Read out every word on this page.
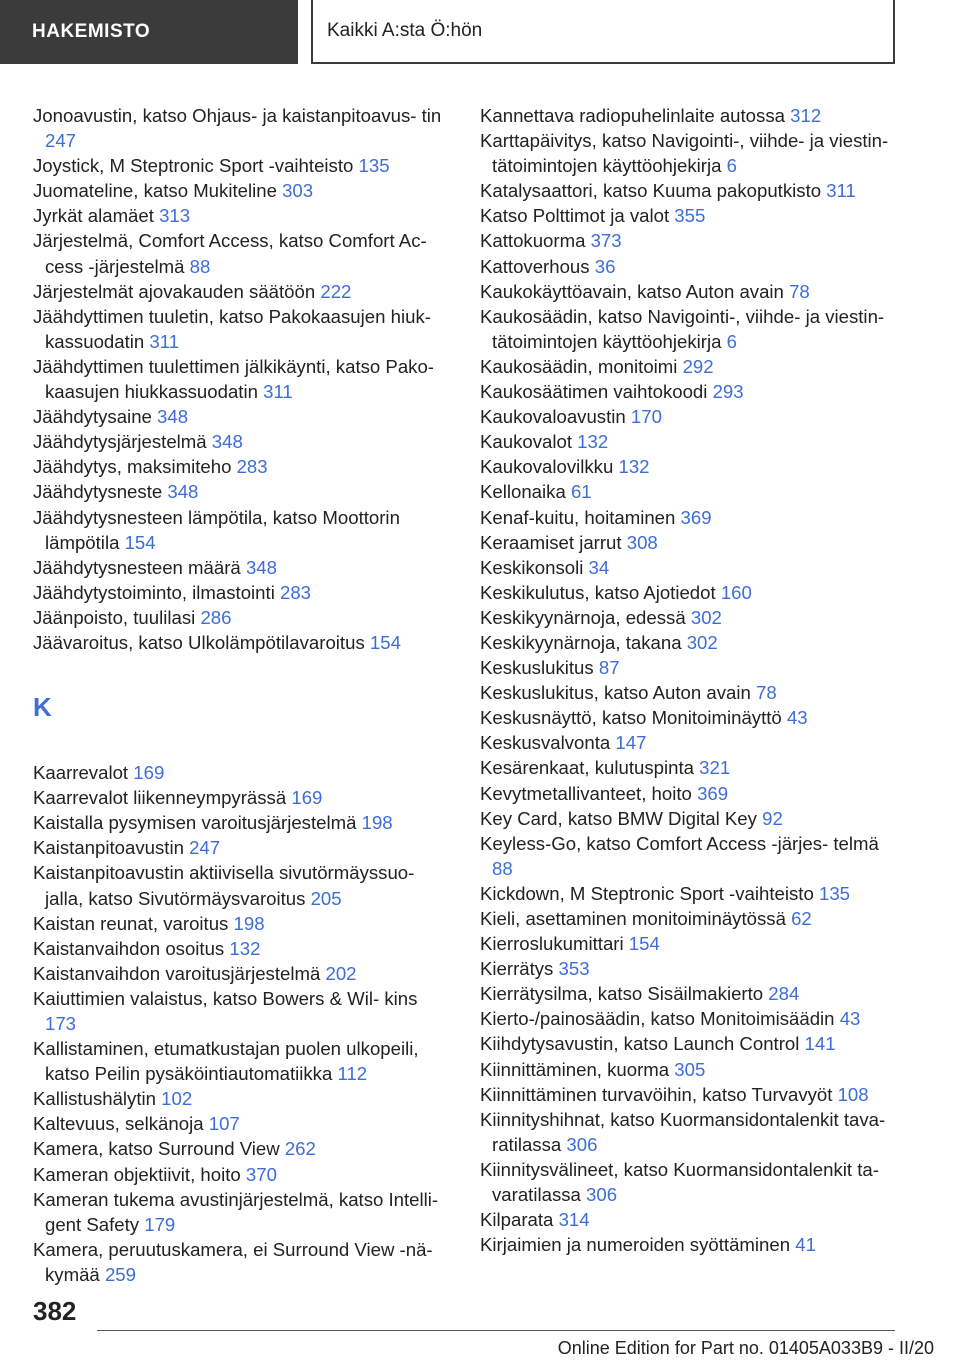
HAKEMISTO	Kaikki A:sta Ö:hön
Jonoavustin, katso Ohjaus- ja kaistanpitoavus‐ tin 247
Joystick, M Steptronic Sport -vaihteisto 135
Juomateline, katso Mukiteline 303
Jyrkät alamäet 313
Järjestelmä, Comfort Access, katso Comfort Ac‐ cess -järjestelmä 88
Järjestelmät ajovakauden säätöön 222
Jäähdyttimen tuuletin, katso Pakokaasujen hiuk‐ kassuodatin 311
Jäähdyttimen tuulettimen jälkikäynti, katso Pako‐ kaasujen hiukkassuodatin 311
Jäähdytysaine 348
Jäähdytysjärjestelmä 348
Jäähdytys, maksimiteho 283
Jäähdytysneste 348
Jäähdytysnesteen lämpötila, katso Moottorin lämpötila 154
Jäähdytysnesteen määrä 348
Jäähdytystoiminto, ilmastointi 283
Jäänpoisto, tuulilasi 286
Jäävaroitus, katso Ulkolämpötilavaroitus 154
K
Kaarrevalot 169
Kaarrevalot liikenneympyrässä 169
Kaistalla pysymisen varoitusjärjestelmä 198
Kaistanpitoavustin 247
Kaistanpitoavustin aktiivisella sivutörmäyssuo‐ jalla, katso Sivutörmäysvaroitus 205
Kaistan reunat, varoitus 198
Kaistanvaihdon osoitus 132
Kaistanvaihdon varoitusjärjestelmä 202
Kaiuttimien valaistus, katso Bowers & Wil‐ kins 173
Kallistaminen, etumatkustajan puolen ulkopeili, katso Peilin pysäköintiautomatiikka 112
Kallistushälytin 102
Kaltevuus, selkänoja 107
Kamera, katso Surround View 262
Kameran objektiivit, hoito 370
Kameran tukema avustinjärjestelmä, katso Intelli‐ gent Safety 179
Kamera, peruutuskamera, ei Surround View -nä‐ kymää 259
Kannettava radiopuhelinlaite autossa 312
Karttapäivitys, katso Navigointi-, viihde- ja viestin‐ tätoimintojen käyttöohjekirja 6
Katalysaattori, katso Kuuma pakoputkisto 311
Katso Polttimot ja valot 355
Kattokuorma 373
Kattoverhous 36
Kaukokäyttöavain, katso Auton avain 78
Kaukosäädin, katso Navigointi-, viihde- ja viestin‐ tätoimintojen käyttöohjekirja 6
Kaukosäädin, monitoimi 292
Kaukosäätimen vaihtokoodi 293
Kaukovaloavustin 170
Kaukovalot 132
Kaukovalovilkku 132
Kellonaika 61
Kenaf-kuitu, hoitaminen 369
Keraamiset jarrut 308
Keskikonsoli 34
Keskikulutus, katso Ajotiedot 160
Keskikyynärnoja, edessä 302
Keskikyynärnoja, takana 302
Keskuslukitus 87
Keskuslukitus, katso Auton avain 78
Keskusnäyttö, katso Monitoiminäyttö 43
Keskusvalvonta 147
Kesärenkaat, kulutuspinta 321
Kevytmetallivanteet, hoito 369
Key Card, katso BMW Digital Key 92
Keyless-Go, katso Comfort Access -järjes‐ telmä 88
Kickdown, M Steptronic Sport -vaihteisto 135
Kieli, asettaminen monitoiminäytössä 62
Kierroslukumittari 154
Kierrätys 353
Kierrätysilma, katso Sisäilmakierto 284
Kierto-/painosäädin, katso Monitoimisäädin 43
Kiihdytysavustin, katso Launch Control 141
Kiinnittäminen, kuorma 305
Kiinnittäminen turvavöihin, katso Turvavyöt 108
Kiinnityshihnat, katso Kuormansidontalenkit tava‐ ratilassa 306
Kiinnitysvälineet, katso Kuormansidontalenkit ta‐ varatilassa 306
Kilparata 314
Kirjaimien ja numeroiden syöttäminen 41
382
Online Edition for Part no. 01405A033B9 - II/20
